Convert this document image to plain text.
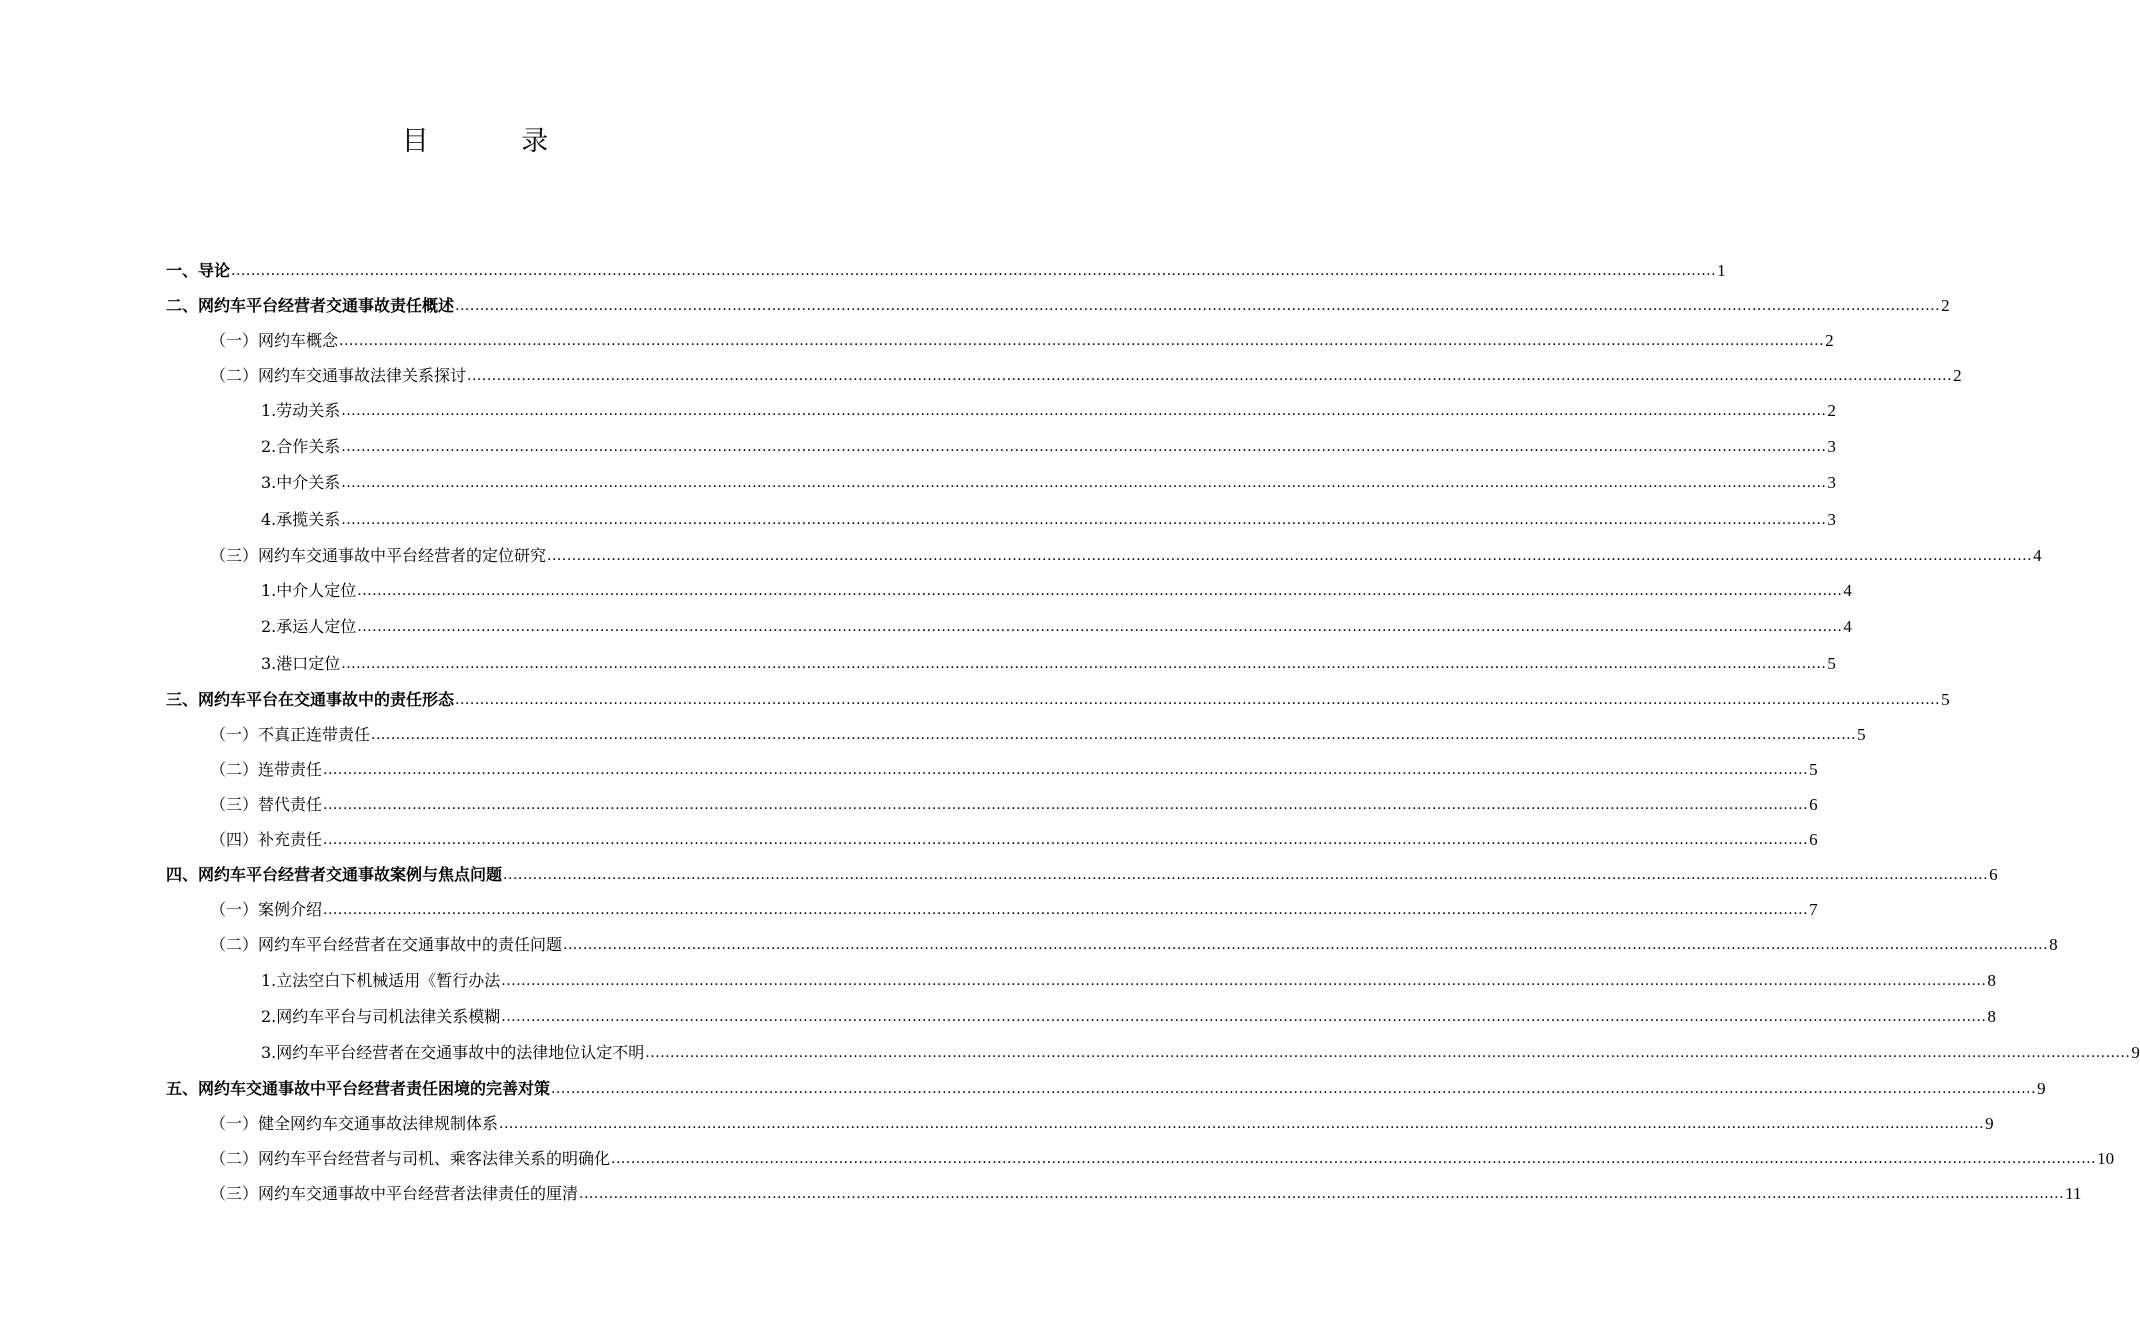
目 录
一、导论 ............................................................................................................................................................................................................................................................................................................ 1
二、网约车平台经营者交通事故责任概述 ............................................................................................................................................................................................................................................................................................................ 2
（一）网约车概念 ............................................................................................................................................................................................................................................................................................................ 2
（二）网约车交通事故法律关系探讨 ............................................................................................................................................................................................................................................................................................................ 2
1.劳动关系 ............................................................................................................................................................................................................................................................................................................ 2
2.合作关系 ............................................................................................................................................................................................................................................................................................................ 3
3.中介关系 ............................................................................................................................................................................................................................................................................................................ 3
4.承揽关系 ............................................................................................................................................................................................................................................................................................................ 3
（三）网约车交通事故中平台经营者的定位研究 ............................................................................................................................................................................................................................................................................................................ 4
1.中介人定位 ............................................................................................................................................................................................................................................................................................................ 4
2.承运人定位 ............................................................................................................................................................................................................................................................................................................ 4
3.港口定位 ............................................................................................................................................................................................................................................................................................................ 5
三、网约车平台在交通事故中的责任形态 ............................................................................................................................................................................................................................................................................................................ 5
（一）不真正连带责任 ............................................................................................................................................................................................................................................................................................................ 5
（二）连带责任 ............................................................................................................................................................................................................................................................................................................ 5
（三）替代责任 ............................................................................................................................................................................................................................................................................................................ 6
（四）补充责任 ............................................................................................................................................................................................................................................................................................................ 6
四、网约车平台经营者交通事故案例与焦点问题 ............................................................................................................................................................................................................................................................................................................ 6
（一）案例介绍 ............................................................................................................................................................................................................................................................................................................ 7
（二）网约车平台经营者在交通事故中的责任问题 ............................................................................................................................................................................................................................................................................................................ 8
1.立法空白下机械适用《暂行办法 ............................................................................................................................................................................................................................................................................................................ 8
2.网约车平台与司机法律关系模糊 ............................................................................................................................................................................................................................................................................................................ 8
3.网约车平台经营者在交通事故中的法律地位认定不明 ............................................................................................................................................................................................................................................................................................................ 9
五、网约车交通事故中平台经营者责任困境的完善对策 ............................................................................................................................................................................................................................................................................................................ 9
（一）健全网约车交通事故法律规制体系 ............................................................................................................................................................................................................................................................................................................ 9
（二）网约车平台经营者与司机、乘客法律关系的明确化 ............................................................................................................................................................................................................................................................................................................ 10
（三）网约车交通事故中平台经营者法律责任的厘清 ............................................................................................................................................................................................................................................................................................................ 11
